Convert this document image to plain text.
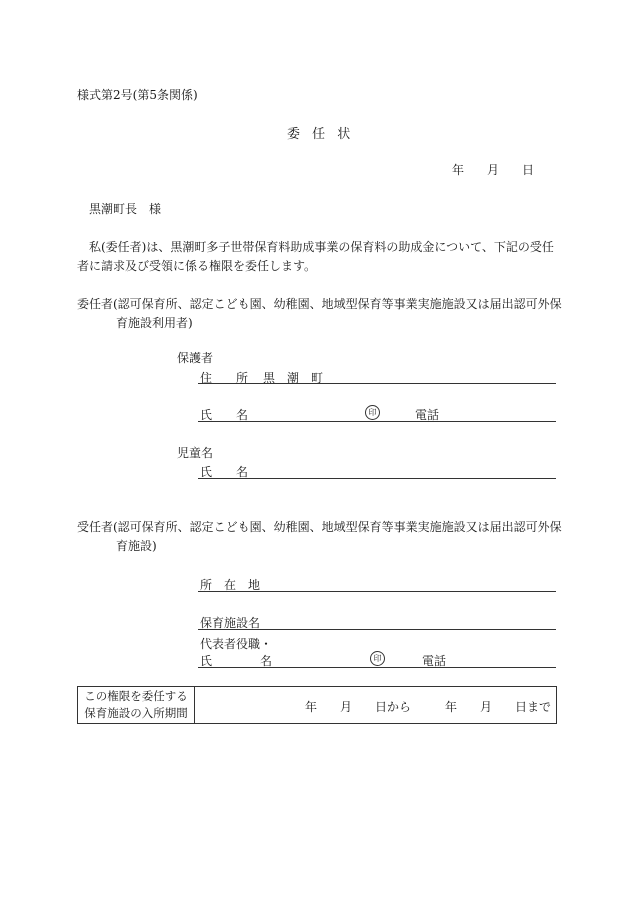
様式第2号(第5条関係)
委 任 状
年 月 日
黒潮町長　様
私(委任者)は、黒潮町多子世帯保育料助成事業の保育料の助成金について、下記の受任
者に請求及び受領に係る権限を委任します。
委任者(認可保育所、認定こども園、幼稚園、地域型保育等事業実施施設又は届出認可外保
育施設利用者)
保護者
住　　所 黒　潮　町
氏　　名	印	電話
児童名
氏　　名
受任者(認可保育所、認定こども園、幼稚園、地域型保育等事業実施施設又は届出認可外保
育施設)
所　在　地
保育施設名
代表者役職・
氏　　　　名	印	電話
この権限を委任する
保育施設の入所期間	年 月 日から	年 月 日まで
